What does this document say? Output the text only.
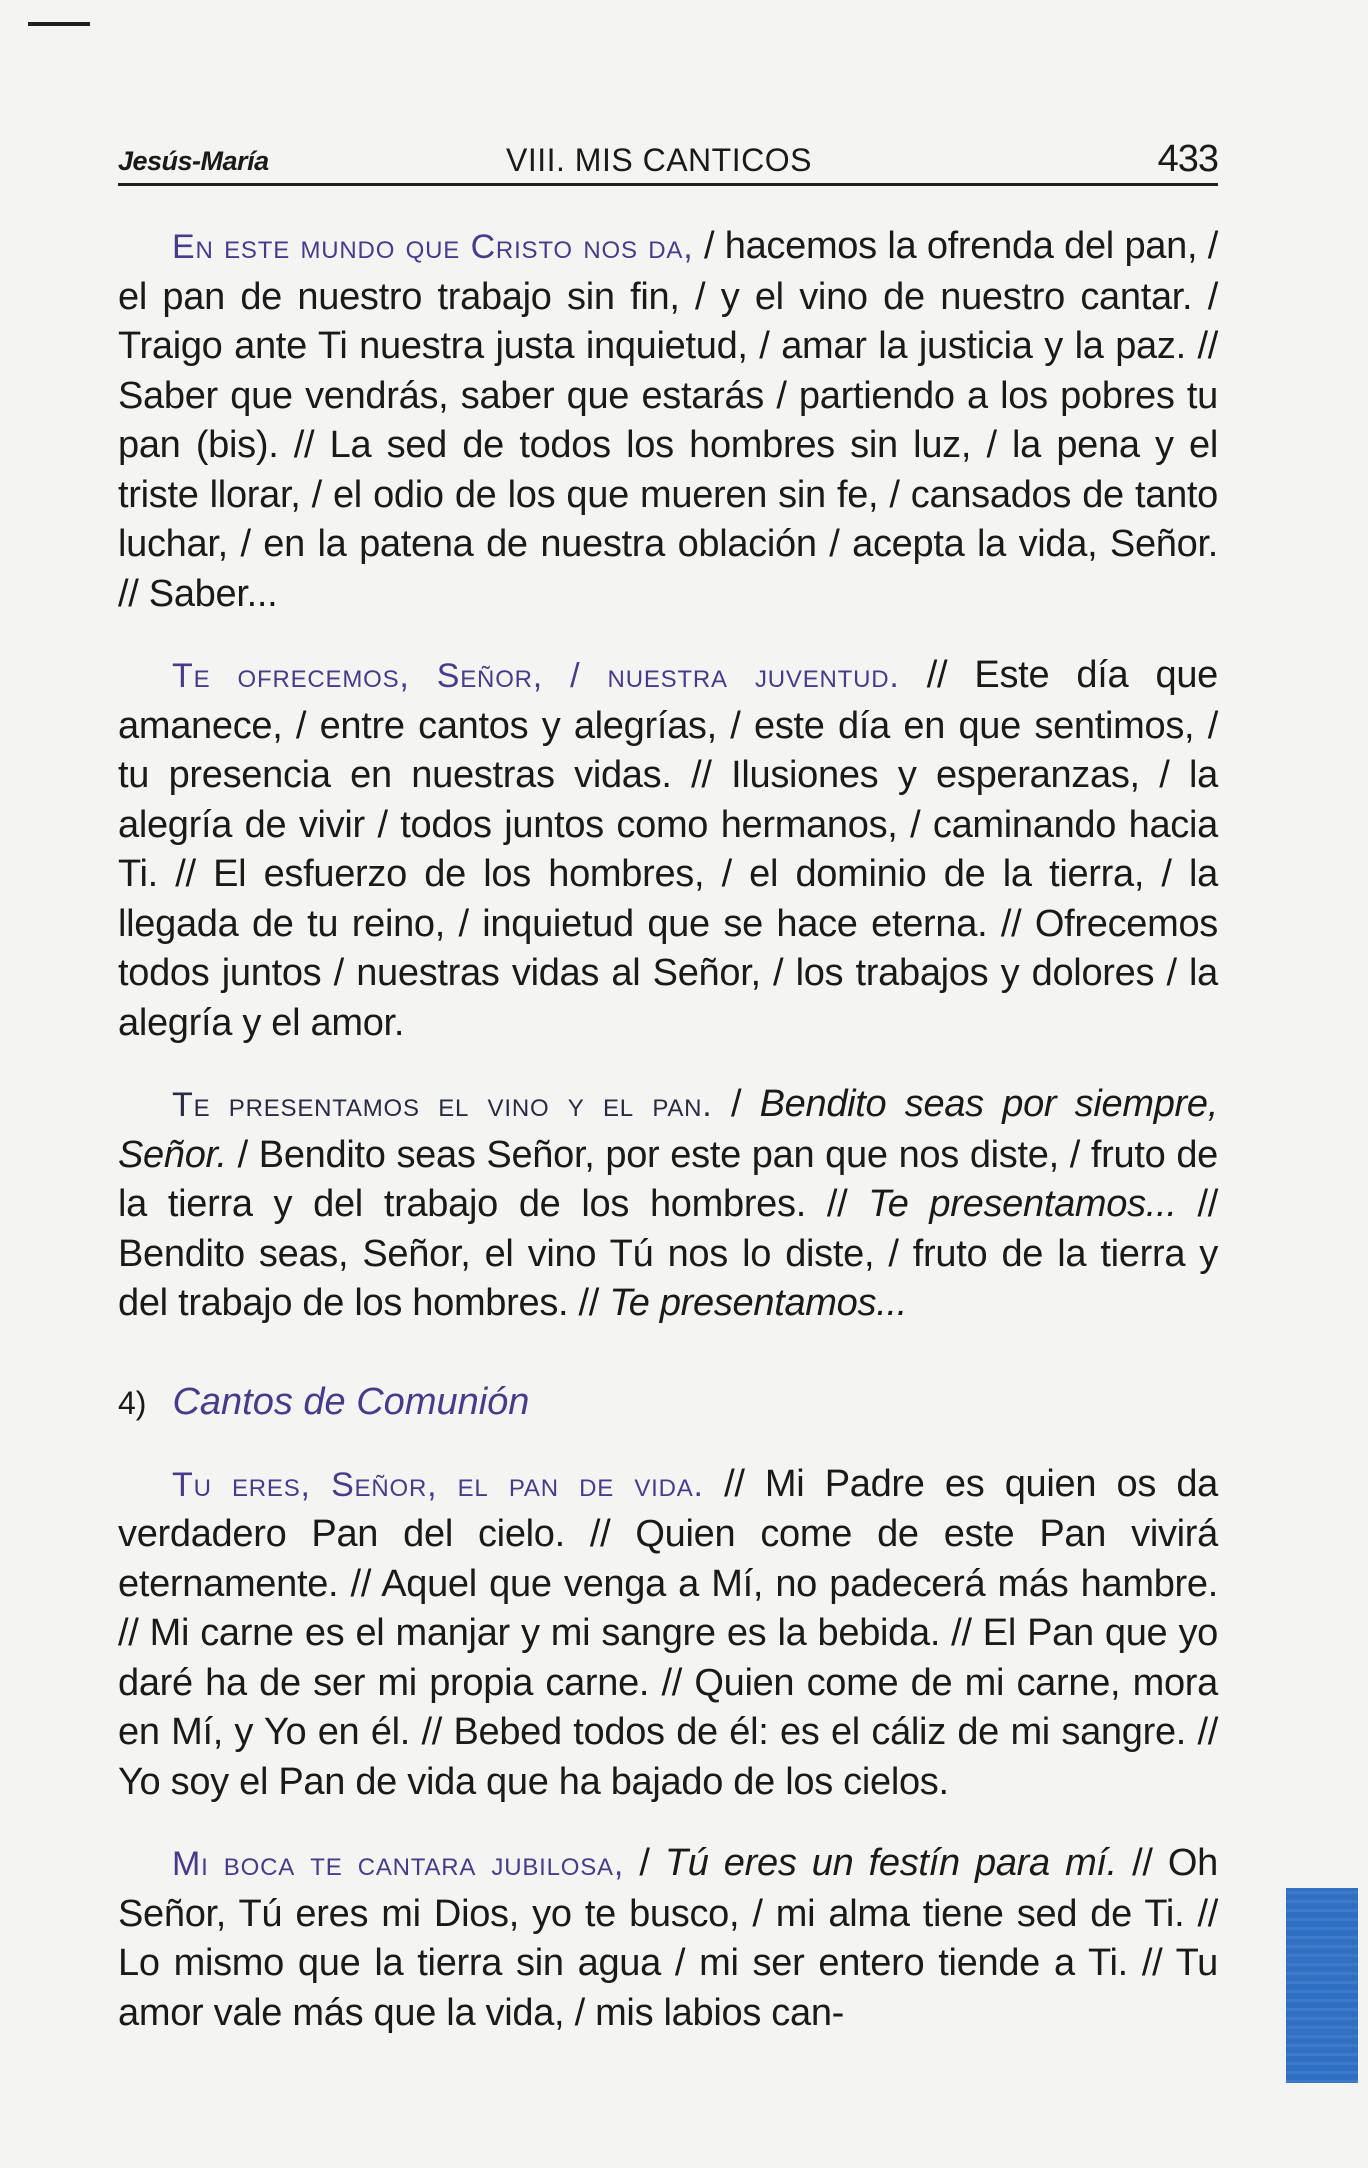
Jesús-María	VIII. MIS CANTICOS	433

En este mundo que Cristo nos da, / hacemos la ofrenda del pan, / el pan de nuestro trabajo sin fin, / y el vino de nuestro cantar. / Traigo ante Ti nuestra justa inquietud, / amar la justicia y la paz. // Saber que vendrás, saber que estarás / partiendo a los pobres tu pan (bis). // La sed de todos los hombres sin luz, / la pena y el triste llorar, / el odio de los que mueren sin fe, / cansados de tanto luchar, / en la patena de nuestra oblación / acepta la vida, Señor. // Saber...

Te ofrecemos, Señor, / nuestra juventud. // Este día que amanece, / entre cantos y alegrías, / este día en que sentimos, / tu presencia en nuestras vidas. // Ilusiones y esperanzas, / la alegría de vivir / todos juntos como hermanos, / caminando hacia Ti. // El esfuerzo de los hombres, / el dominio de la tierra, / la llegada de tu reino, / inquietud que se hace eterna. // Ofrecemos todos juntos / nuestras vidas al Señor, / los trabajos y dolores / la alegría y el amor.

Te presentamos el vino y el pan. / Bendito seas por siempre, Señor. / Bendito seas Señor, por este pan que nos diste, / fruto de la tierra y del trabajo de los hombres. // Te presentamos... // Bendito seas, Señor, el vino Tú nos lo diste, / fruto de la tierra y del trabajo de los hombres. // Te presentamos...

4) Cantos de Comunión

Tu eres, Señor, el pan de vida. // Mi Padre es quien os da verdadero Pan del cielo. // Quien come de este Pan vivirá eternamente. // Aquel que venga a Mí, no padecerá más hambre. // Mi carne es el manjar y mi sangre es la bebida. // El Pan que yo daré ha de ser mi propia carne. // Quien come de mi carne, mora en Mí, y Yo en él. // Bebed todos de él: es el cáliz de mi sangre. // Yo soy el Pan de vida que ha bajado de los cielos.

Mi boca te cantara jubilosa, / Tú eres un festín para mí. // Oh Señor, Tú eres mi Dios, yo te busco, / mi alma tiene sed de Ti. // Lo mismo que la tierra sin agua / mi ser entero tiende a Ti. // Tu amor vale más que la vida, / mis labios can-
